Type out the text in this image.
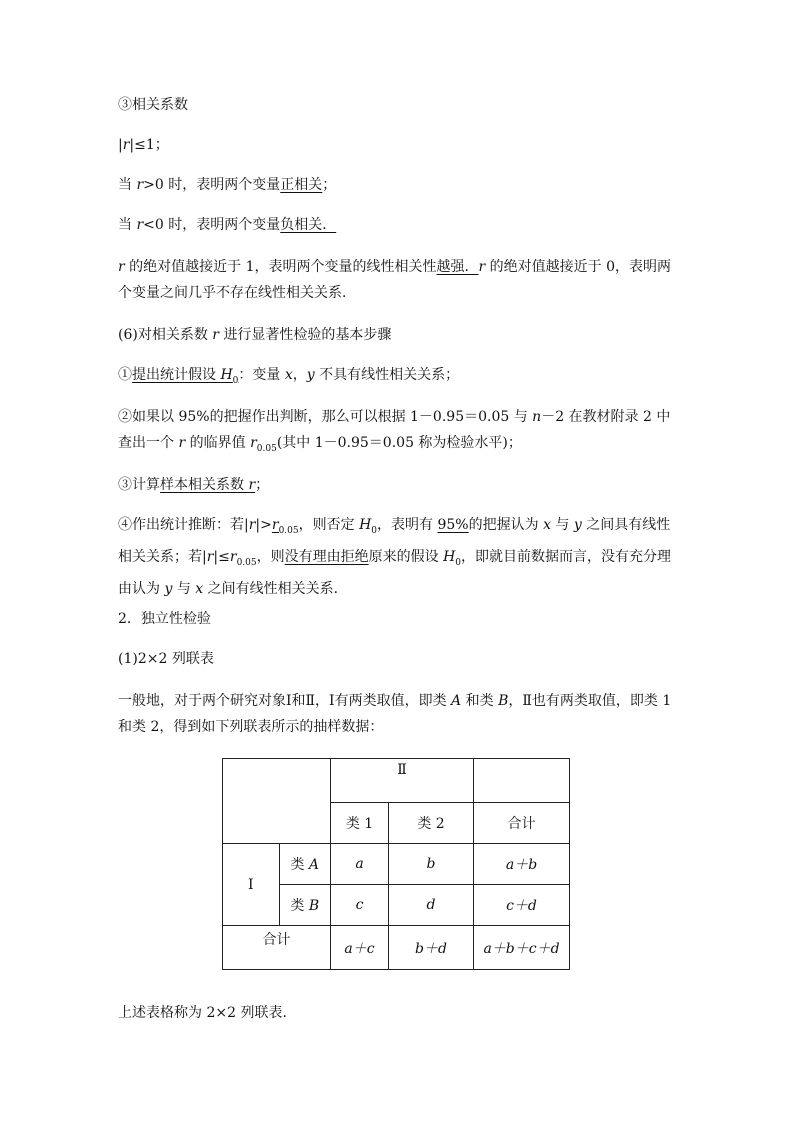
③相关系数

|r|≤1；

当 r>0 时，表明两个变量正相关；

当 r<0 时，表明两个变量负相关．

r 的绝对值越接近于 1，表明两个变量的线性相关性越强．r 的绝对值越接近于 0，表明两个变量之间几乎不存在线性相关关系．

(6)对相关系数 r 进行显著性检验的基本步骤

①提出统计假设 $H_0$：变量 x，y 不具有线性相关关系；

②如果以 95%的把握作出判断，那么可以根据 1－0.95＝0.05 与 n－2 在教材附录 2 中查出一个 r 的临界值 $r_{0.05}$(其中 1－0.95＝0.05 称为检验水平)；

③计算样本相关系数 r；

④作出统计推断：若$|r|>r_{0.05}$，则否定 $H_0$，表明有 95%的把握认为 x 与 y 之间具有线性相关关系；若$|r|\le r_{0.05}$，则没有理由拒绝原来的假设 $H_0$，即就目前数据而言，没有充分理由认为 y 与 x 之间有线性相关关系．

2．独立性检验

(1)2×2 列联表

一般地，对于两个研究对象Ⅰ和Ⅱ，Ⅰ有两类取值，即类 A 和类 B，Ⅱ也有两类取值，即类 1 和类 2，得到如下列联表所示的抽样数据：

		Ⅱ		
		类 1	类 2	合计
Ⅰ	类 A	a	b	a＋b
	类 B	c	d	c＋d
合计		a＋c	b＋d	a＋b＋c＋d

上述表格称为 2×2 列联表．
